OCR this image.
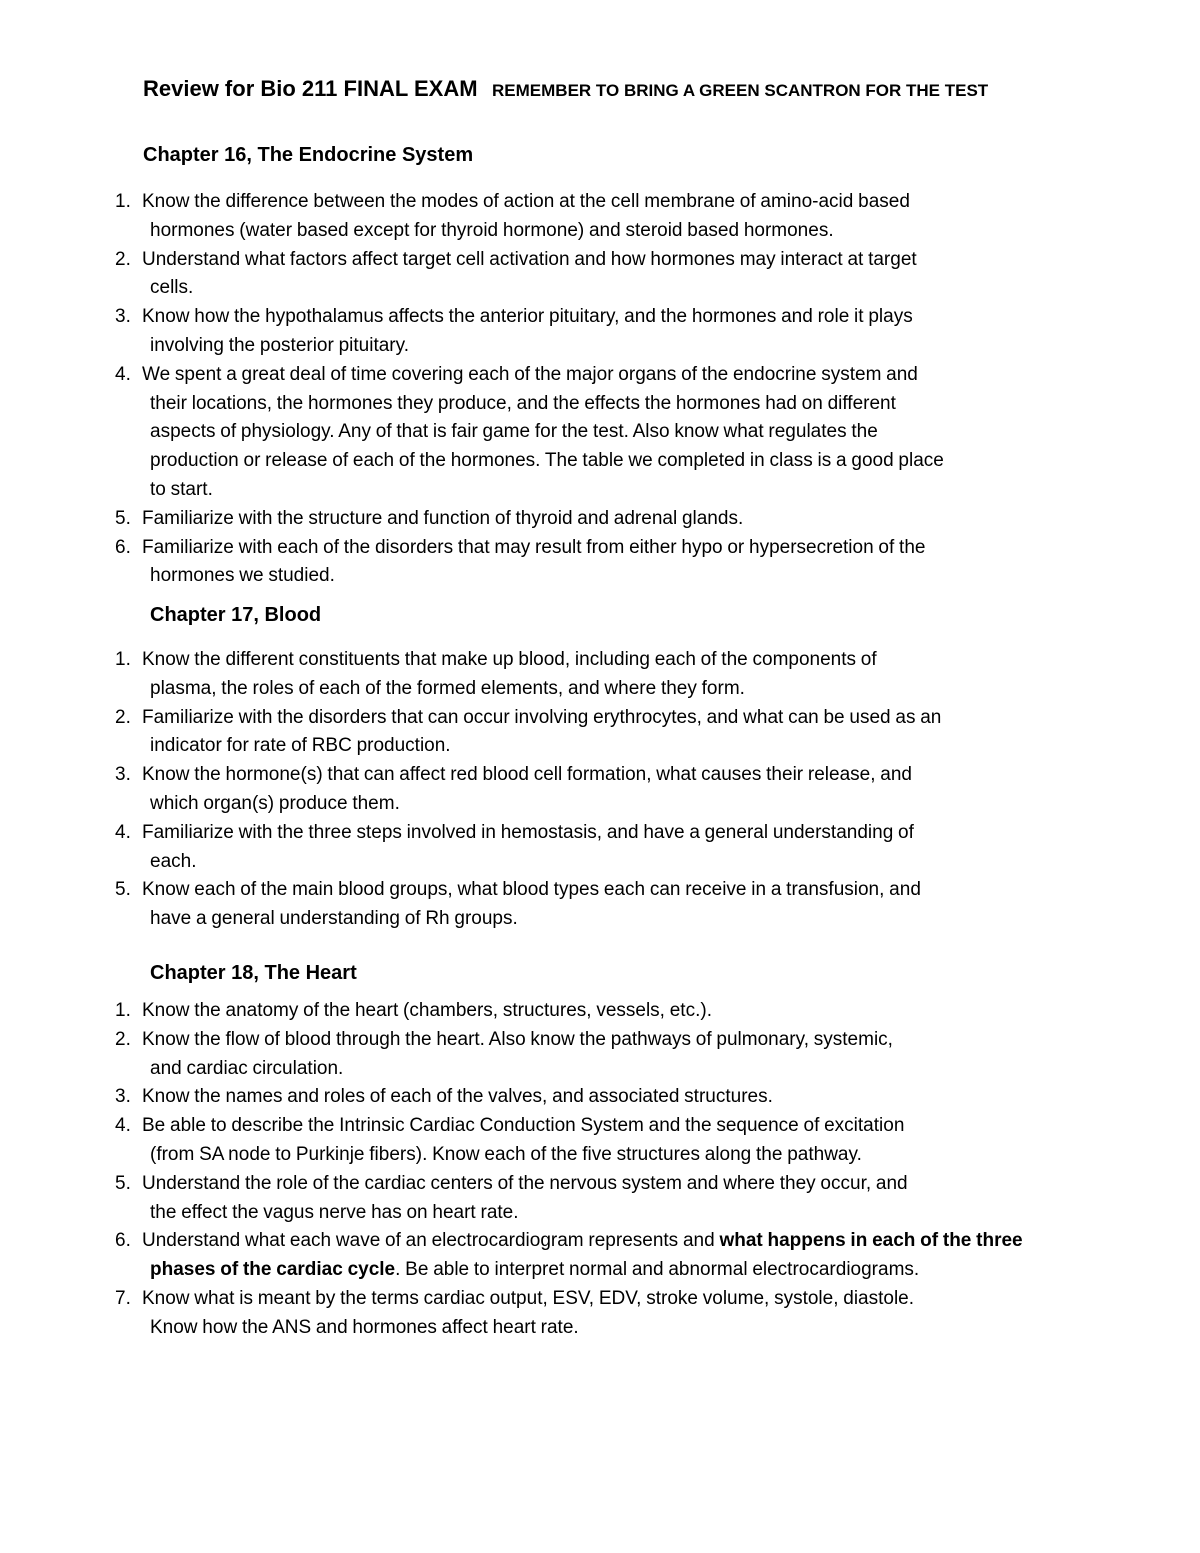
Review for Bio 211 FINAL EXAM REMEMBER TO BRING A GREEN SCANTRON FOR THE TEST
Chapter 16, The Endocrine System
1. Know the difference between the modes of action at the cell membrane of amino-acid based
hormones (water based except for thyroid hormone) and steroid based hormones.
2. Understand what factors affect target cell activation and how hormones may interact at target
cells.
3. Know how the hypothalamus affects the anterior pituitary, and the hormones and role it plays
involving the posterior pituitary.
4. We spent a great deal of time covering each of the major organs of the endocrine system and
their locations, the hormones they produce, and the effects the hormones had on different
aspects of physiology. Any of that is fair game for the test. Also know what regulates the
production or release of each of the hormones. The table we completed in class is a good place
to start.
5. Familiarize with the structure and function of thyroid and adrenal glands.
6. Familiarize with each of the disorders that may result from either hypo or hypersecretion of the
hormones we studied.
Chapter 17, Blood
1. Know the different constituents that make up blood, including each of the components of
plasma, the roles of each of the formed elements, and where they form.
2. Familiarize with the disorders that can occur involving erythrocytes, and what can be used as an
indicator for rate of RBC production.
3. Know the hormone(s) that can affect red blood cell formation, what causes their release, and
which organ(s) produce them.
4. Familiarize with the three steps involved in hemostasis, and have a general understanding of
each.
5. Know each of the main blood groups, what blood types each can receive in a transfusion, and
have a general understanding of Rh groups.
Chapter 18, The Heart
1. Know the anatomy of the heart (chambers, structures, vessels, etc.).
2. Know the flow of blood through the heart. Also know the pathways of pulmonary, systemic,
and cardiac circulation.
3. Know the names and roles of each of the valves, and associated structures.
4. Be able to describe the Intrinsic Cardiac Conduction System and the sequence of excitation
(from SA node to Purkinje fibers). Know each of the five structures along the pathway.
5. Understand the role of the cardiac centers of the nervous system and where they occur, and
the effect the vagus nerve has on heart rate.
6. Understand what each wave of an electrocardiogram represents and what happens in each of the three phases of the cardiac cycle. Be able to interpret normal and abnormal electrocardiograms.
7. Know what is meant by the terms cardiac output, ESV, EDV, stroke volume, systole, diastole.
Know how the ANS and hormones affect heart rate.
